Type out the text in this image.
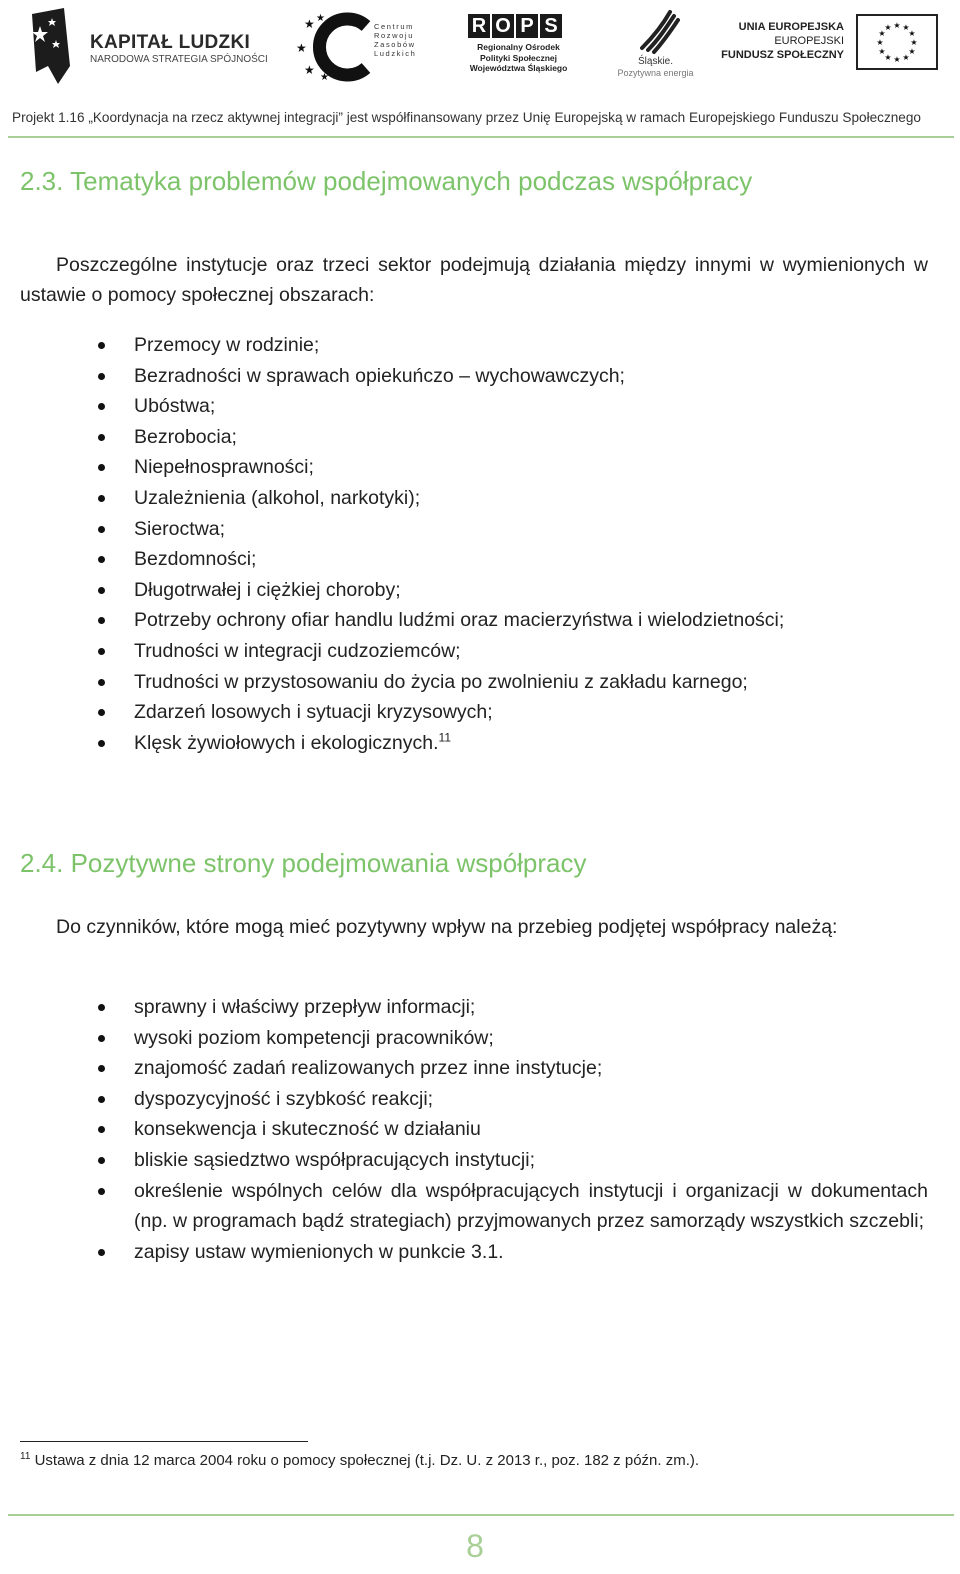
KAPITAŁ LUDZKI
NARODOWA STRATEGIA SPÓJNOŚCI
★ ★
★
★
★
Centrum
Rozwoju
Zasobów
Ludzkich
R O P S
Regionalny Ośrodek
Polityki Społecznej
Województwa Śląskiego
Śląskie.
Pozytywna energia
UNIA EUROPEJSKA
EUROPEJSKI
FUNDUSZ SPOŁECZNY
★ ★
★
★
★
★
★
★
★
★
★
★
Projekt 1.16 „Koordynacja na rzecz aktywnej integracji” jest współfinansowany przez Unię Europejską w ramach Europejskiego Funduszu Społecznego
2.3. Tematyka problemów podejmowanych podczas współpracy

Poszczególne instytucje oraz trzeci sektor podejmują działania między innymi w wymienionych w ustawie o pomocy społecznej obszarach:

Przemocy w rodzinie;
Bezradności w sprawach opiekuńczo – wychowawczych;
Ubóstwa;
Bezrobocia;
Niepełnosprawności;
Uzależnienia (alkohol, narkotyki);
Sieroctwa;
Bezdomności;
Długotrwałej i ciężkiej choroby;
Potrzeby ochrony ofiar handlu ludźmi oraz macierzyństwa i wielodzietności;
Trudności w integracji cudzoziemców;
Trudności w przystosowaniu do życia po zwolnieniu z zakładu karnego;
Zdarzeń losowych i sytuacji kryzysowych;
Klęsk żywiołowych i ekologicznych.$^{11}$
2.4. Pozytywne strony podejmowania współpracy

Do czynników, które mogą mieć pozytywny wpływ na przebieg podjętej współpracy należą:

sprawny i właściwy przepływ informacji;
wysoki poziom kompetencji pracowników;
znajomość zadań realizowanych przez inne instytucje;
dyspozycyjność i szybkość reakcji;
konsekwencja i skuteczność w działaniu
bliskie sąsiedztwo współpracujących instytucji;
określenie wspólnych celów dla współpracujących instytucji i organizacji w dokumentach (np. w programach bądź strategiach) przyjmowanych przez samorządy wszystkich szczebli;
zapisy ustaw wymienionych w punkcie 3.1.
$^{11}$ Ustawa z dnia 12 marca 2004 roku o pomocy społecznej (t.j. Dz. U. z 2013 r., poz. 182 z późn. zm.).
8
